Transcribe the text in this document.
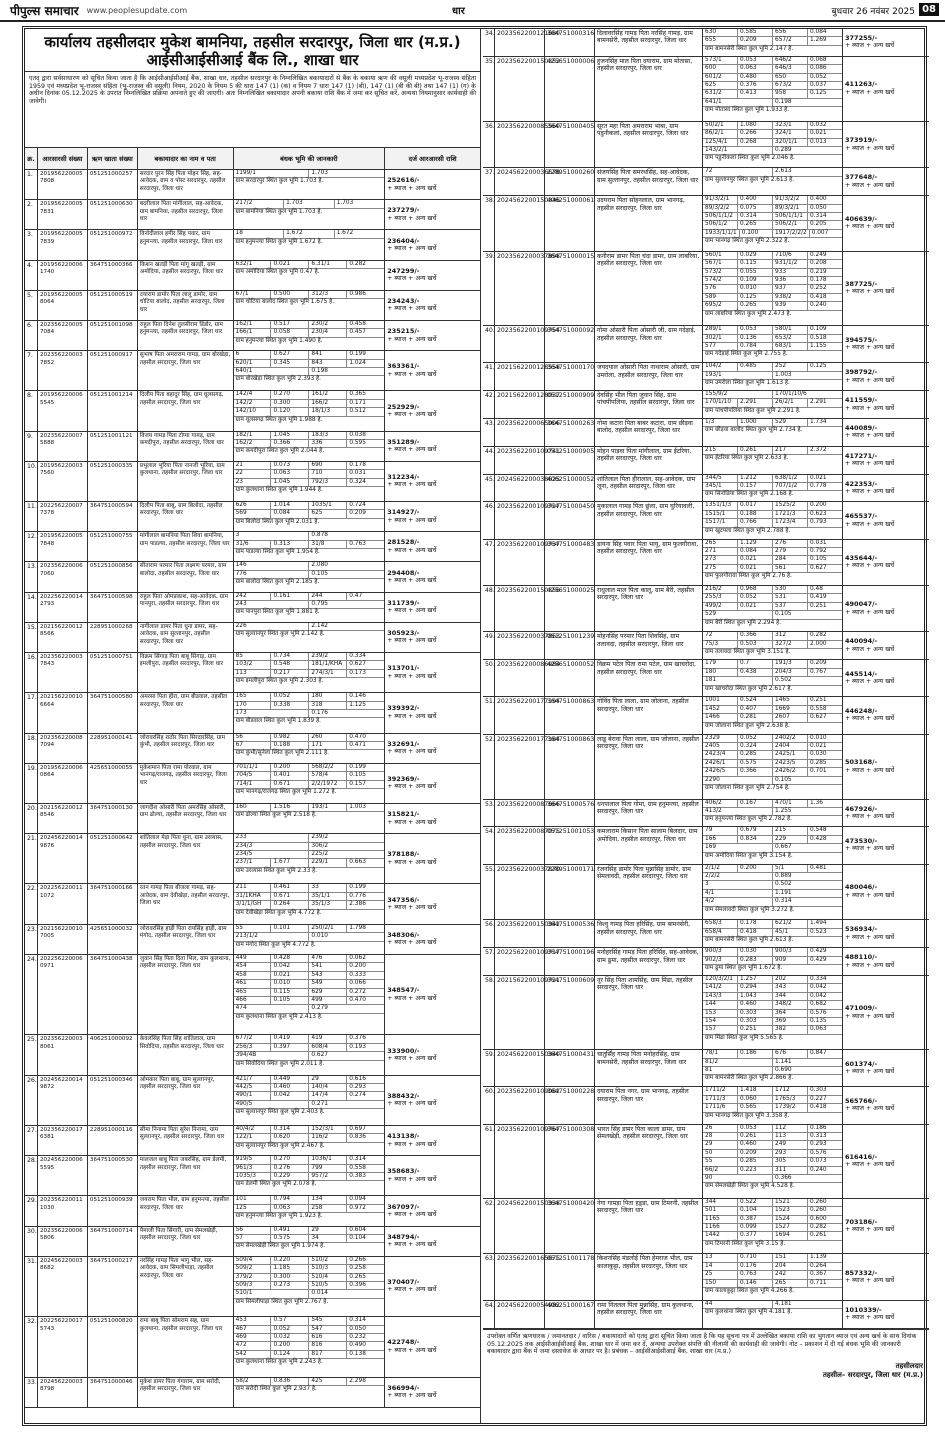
पीपुल्स समाचार www.peoplesupdate.com	धार	बुधवार 26 नवंबर 2025 08
कार्यालय तहसीलदार मुकेश बामनिया, तहसील सरदारपुर, जिला धार (म.प्र.)
आईसीआईसीआई बैंक लि., शाखा धार
एतद् द्वारा सर्वसाधारण को सूचित किया जाता है कि आईसीआईसीआई बैंक, शाखा धार, तहसील सरदारपुर के निम्नलिखित बकायादारों से बैंक के बकाया ऋण की वसूली मध्यप्रदेश भू-राजस्व संहिता 1959 एवं मध्यप्रदेश भू-राजस्व संहिता (भू-राजस्व की वसूली) नियम, 2020 के नियम 5 की धारा 147 (1) (क) व नियम 7 धारा 147 (1) (बी), 147 (1) (बी की बी) तथा 147 (1) (ग) के अधीन दिनांक 05.12.2025 के उपरांत निम्नलिखित प्रक्रिया अपनाते हुए की जाएगी। अतः निम्नलिखित बकायादार अपनी बकाया राशि बैंक में जमा कर सूचित करें, अन्यथा नियमानुसार कार्यवाही की जावेगी।
क्र.	आरसारसी संख्या	ऋण खाता संख्या	बकायादार का नाम व पता	बंधक भूमि की जानकारी	दर्ज आरआरसी राशि
1.	2019562200057808
051251000257	सरदार पुरन सिंह पिता मोहन सिंह, सह-आवेदक, ग्राम व पोस्ट सरदारपुर, तहसील सरदारपुर, जिला धार
1199/1	1.703
ग्राम सरदारपुर स्थित कुल भूमि 1.703 है.	252616/-
+ ब्याज + अन्य खर्चे
2.	2019562200057831
051251000630	बदरीलाल पिता मांगीलाल, सह-आवेदक, ग्राम बामनिया, तहसील सरदारपुर, जिला धार
217/2	1.703	1.703
ग्राम बामनिया स्थित कुल भूमि 1.703 है.	237279/-
+ ब्याज + अन्य खर्चे
3.	2019562200057839
051251000972	विनोदीलाल हमीर सिंह पवार, ग्राम हनुमन्त्या, तहसील सरदारपुर, जिला धार
18	1.672	1.672
ग्राम हनुमन्त्या स्थित कुल भूमि 1.672 है.	236404/-
+ ब्याज + अन्य खर्चे
4.	2019562200061740
364751000366	किशन खतड़ी पिता मांगू खतड़ी, ग्राम अमोदिया, तहसील सरदारपुर, जिला धार
632/1	0.021	6.31/1	0.282
ग्राम अमोदिया स्थित कुल भूमि 0.47 है.	247299/-
+ ब्याज + अन्य खर्चे
5.	2019562200058064
051251000519	दयाराम डामोर पिता लालू डामोर, ग्राम चोटिया बालोद, तहसील सरदारपुर, जिला धार
67/1	0.500	312/3	0.986
ग्राम चोटिया बालोद स्थित कुल भूमि 1.675 है.	234243/-
+ ब्याज + अन्य खर्चे
6.	2023562200057084
051251001098	राहुल पिता दिनेश तुलसीराम डिंडोर, ग्राम हनुमन्त्या, तहसील सरदारपुर, जिला धार
162/1	0.517	230/2	0.458
166/1	0.058	230/4	0.457
ग्राम हनुमन्त्या स्थित कुल भूमि 1.490 है.
235215/-
+ ब्याज + अन्य खर्चे
7.	2023562200037852
051251000917	सुभाष पिता अमराराम गामड़, ग्राम बोरखेड़ा, तहसील सरदारपुर, जिला धार
6	0.627	841	0.199
620/1	0.345	843	1.024
640/1	0.198
ग्राम बोरखेड़ा स्थित कुल भूमि 2.393 है.
363361/-
+ ब्याज + अन्य खर्चे
8.	2019562200065545
051251001214	दिलीप पिता बहादुर सिंह, ग्राम धूलसगढ़, तहसील सरदारपुर, जिला धार
142/4	0.270	161/2	0.365
142/2	0.300	166/2	0.171
142/10	0.120	18/1/3	0.512
ग्राम धूलसगढ़ स्थित कुल भूमि 1.988 है.
252929/-
+ ब्याज + अन्य खर्चे
9.	2023562200075888
051251001121	विजय गामड़ पिता टोप्या गामड़, ग्राम कमदीपुरा, तहसील सरदारपुर, जिला धार
182/1	1.045	183/3	0.038
162/2	0.366	336	0.595
ग्राम कमदीपुरा स्थित कुल भूमि 2.044 है.
351289/-
+ ब्याज + अन्य खर्चे
10. 2019562200037560
051251000335	प्रभुलाल भूरिया पिता नानजी भूरिया, ग्राम कुलथाना, तहसील सरदारपुर, जिला धार
21	0.073	690	0.178
22	0.063	710	0.031
23	1.045	792/3	0.324
ग्राम कुलथाना स्थित कुल भूमि 1.944 है.
312234/-
+ ब्याज + अन्य खर्चे
11. 2022562200077378
364751000594	दिलीप पिता बाबू, ग्राम बिलोदा, तहसील सरदारपुर, जिला धार
626	1.014	1035/1	0.724
569	0.084	625	0.209
ग्राम बिलोदा स्थित कुल भूमि 2.031 है.
314927/-
+ ब्याज + अन्य खर्चे
12. 2019562200057848
051251000755	मांगीलाल बामनिया पिता शिवा बामनिया, ग्राम पाडल्या, तहसील सरदारपुर, जिला धार
3	0.878
31/6	0.313	31/8	0.763
ग्राम पाडल्या स्थित कुल भूमि 1.954 है.
281528/-
+ ब्याज + अन्य खर्चे
13. 2023562200067060
051251000856	सीताराम परमार पिता लक्ष्मण परमार, ग्राम बालोदा, तहसील सरदारपुर, जिला धार
146	2.080
776	0.105
ग्राम बालोदा स्थित कुल भूमि 2.185 है.
294408/-
+ ब्याज + अन्य खर्चे
14. 2022562200142793
364751000598	राहुल पिता ओमप्रकाश, सह-आवेदक, ग्राम पानपुरा, तहसील सरदारपुर, जिला धार
242	0.161	244	0.47
243	0.795
ग्राम पानपुरा स्थित कुल भूमि 1.881 है.
311739/-
+ ब्याज + अन्य खर्चे
15. 2021562200128566
228951000268	नागीलाल डामर पिता धुना डामर, सह-आवेदक, ग्राम सुल्तानपुर, तहसील सरदारपुर, जिला धार
226	2.142
ग्राम सुल्तानपुर स्थित कुल भूमि 2.142 है.	305923/-
+ ब्याज + अन्य खर्चे
16. 2023562200037843
051251000751	विक्रम सिंगाड़ पिता बाबू सिंगाड़, ग्राम इमलीपुरा, तहसील सरदारपुर, जिला धार
85	0.734	239/2	0.334
103/2	0.548	181/1/KHA	0.627
113	0.217	274/3/1	0.173
ग्राम इमलीपुरा स्थित कुल भूमि 2.303 है.
313701/-
+ ब्याज + अन्य खर्चे
17. 2021562200106664
364751000580	अमरसा पिता हीरा, ग्राम बीडवाल, तहसील सरदारपुर, जिला धार
165	0.052	180	0.146
170	0.338	318	1.125
173	0.176
ग्राम बीडवाल स्थित कुल भूमि 1.839 है.
339392/-
+ ब्याज + अन्य खर्चे
18. 2023562200087094
228951000141	जोरावरसिंह राठौर पिता सिरदारसिंह, ग्राम कुंभी, तहसील सरदारपुर, जिला धार
56	0.982	260	0.470
67	0.188	171	0.471
ग्राम कुंभी/सुनेला स्थित कुल भूमि 2.111 है.
332691/-
+ ब्याज + अन्य खर्चे
19. 2019562200060864
425651000055	मुकेशमान पिता रामा पोरवाल, ग्राम भानगढ़/राजगढ़, तहसील सरदारपुर, जिला धार
701/1/1	0.200	568/2/2	0.199
704/5	0.401	578/4	0.105
714/1	0.671	2/2/1972	0.157
ग्राम भानगढ़/राजगढ़ स्थित कुल भूमि 1.272 है.
392369/-
+ ब्याज + अन्य खर्चे
20. 2021562200128546
364751000130	जागदीश ओसारी पिता अमरसिंह ओसारी, ग्राम ढोल्या, तहसील सरदारपुर, जिला धार
160	1.516	193/1	1.003
ग्राम ढोल्या स्थित कुल भूमि 2.518 है.	315821/-
+ ब्याज + अन्य खर्चे
21. 2024562200149876
051251000642	शांतिलाल मेड़ा पिता धुना, ग्राम उरव्यास, तहसील सरदारपुर, जिला धार
233	239/2
234/3	306/2
234/5	225/2
237/1	1.677	229/1	0.663
ग्राम उरव्यास स्थित कुल भूमि 2.33 है.
378188/-
+ ब्याज + अन्य खर्चे
22. 2022562200111072
364751000166	रतन गामड़ पिता बीजला गामड़, सह-आवेदक, ग्राम देवीखेड़ा, तहसील सरदारपुर, जिला धार
211	0.461	33	0.199
31/1KHA	0.671	35/1/1	0.776
3/1/1/GH	0.264	35/1/3	2.386
ग्राम देवीखेड़ा स्थित कुल भूमि 4.772 है.
347356/-
+ ब्याज + अन्य खर्चे
23. 2021562200107005
425651000032	जोरावरसिंह हाड़ी पिता रायसिंह हाड़ी, ग्राम मंगोद, तहसील सरदारपुर, जिला धार
55	0.101	250/2/1	1.798
213/1/2	0.010
ग्राम मंगोद स्थित कुल भूमि 4.772 है.
348306/-
+ ब्याज + अन्य खर्चे
24. 2022562200060971
364751000438	जुवान सिंह पिता दिता भिल, ग्राम कुलथाना, तहसील सरदारपुर, जिला धार
449	0.428	476	0.062
454	0.042	541	0.200
458	0.021	543	0.333
461	0.010	549	0.066
465	0.115	629	0.272
466	0.105	499	0.470
474	0.279
ग्राम कुलथाना स्थित कुल भूमि 2.413 है.
348547/-
+ ब्याज + अन्य खर्चे
25. 2023562200038061
406251000092	केवलसिंह पिता सिंह शांतिलाल, ग्राम सिवोदिया, तहसील सरदारपुर, जिला धार
677/2	0.419	419	0.376
256/3	0.397	608/4	0.193
394/4B	0.627
ग्राम सिवोदिया स्थित कुल भूमि 2.011 है.
333900/-
+ ब्याज + अन्य खर्चे
26. 2024562200149872
051251000346	ओमकार पिता बाबू, ग्राम सुल्तानपुर, तहसील सरदारपुर, जिला धार
421/7	0.449	29	0.616
442/5	0.460	140/4	0.293
490/1	0.042	147/4	0.274
490/5	0.271
ग्राम सुल्तानपुर स्थित कुल भूमि 2.403 है.
388432/-
+ ब्याज + अन्य खर्चे
27. 2023562200176381
228951000116	सीमा निनामा पिता सुरेश निनामा, ग्राम सुल्तानपुर, तहसील सरदारपुर, जिला धार
40/4/2	0.314	152/3/1	0.697
122/1	0.620	116/2	0.836
ग्राम सुल्तानपुर स्थित कुल भूमि 2.467 है.
413138/-
+ ब्याज + अन्य खर्चे
28. 2024562200065595
364751000530	मालजल बाबू पिता जबरसिंह, ग्राम डेलमी, तहसील सरदारपुर, जिला धार
919/5	0.270	1036/1	0.314
961/3	0.276	799	0.558
1035/3	0.229	957/2	0.383
ग्राम डेलमी स्थित कुल भूमि 2.078 है.
358683/-
+ ब्याज + अन्य खर्चे
29. 2023562200111030
051251000939	जयराम पिता भील, ग्राम हनुमन्त्या, तहसील सरदारपुर, जिला धार
101	0.794	134	0.094
125	0.063	258	0.972
ग्राम हनुमन्त्या स्थित कुल भूमि 1.923 है.
367097/-
+ ब्याज + अन्य खर्चे
30. 2023562200065806
364751000714	पैमाजी पिता सिंगारी, ग्राम सेमलखेड़ी, तहसील सरदारपुर, जिला धार
56	0.491	29	0.604
57	0.575	34	0.104
ग्राम सेमलखेड़ी स्थित कुल भूमि 1.974 है.
348794/-
+ ब्याज + अन्य खर्चे
31. 2024562200038682
364751000217	नरसिंह गामड़ पिता भागु भील, सह-आवेदक, ग्राम सिमलीपाड़ा, तहसील सरदारपुर, जिला धार
509/4	0.220	510/2	0.266
509/2	1.185	510/3	0.258
379/2	0.300	510/4	0.265
509/3	0.273	510/5	0.396
510/1	0.014
ग्राम सिमलीपाड़ा स्थित कुल भूमि 2.767 है.
370407/-
+ ब्याज + अन्य खर्चे
32. 2022562200175743
051251000820	रामा बाबू पिता सोमराम सह, ग्राम कुलथाना, तहसील सरदारपुर, जिला धार
453	0.57	545	0.314
467	0.052	547	0.050
469	0.032	616	0.232
472	0.200	816	0.490
542	0.124	817	0.138
ग्राम कुलथाना स्थित कुल भूमि 2.243 है.
422748/-
+ ब्याज + अन्य खर्चे
33. 2024562200038798
364751000046	मुकेश डामर पिता गंगाराम, ग्राम सरोदी, तहसील सरदारपुर, जिला धार
58/2	0.836	425	2.298
ग्राम सरोदी स्थित कुल भूमि 2.937 है.	366994/-
+ ब्याज + अन्य खर्चे
34. 2023562200121680
364751000316 दिलावरसिंह गामड़ पिता नरसिंह गामड़, ग्राम बामनसेरी, तहसील सरदारपुर, जिला धार
630	0.585	656	0.084
655	0.209	657/2	1.269
ग्राम बामनसेरी स्थित कुल भूमि 2.147 है.
377255/-
+ ब्याज + अन्य खर्चे
35. 2023562200150352
425651000006 हुजनसिंह माल पिता दयाराम, ग्राम मोतासा, तहसील सरदारपुर, जिला धार
573/1	0.053	646/2	0.068
600	0.063	646/3	0.086
601/2	0.480	650	0.052
625	0.376	673/2	0.037
631/2	0.413	958	0.125
641/1	0.198
ग्राम मोतासा स्थित कुल भूमि 1.933 है.
411263/-
+ ब्याज + अन्य खर्चे
36. 2023562200085560
364751000405 सूरत महा पिता अमराराम भाबा, ग्राम पडुनीकलां, तहसील सरदारपुर, जिला धार
50/2/1	1.080	323/1	0.032
86/2/1	0.266	324/1	0.021
125/4/1	0.268	320/1/1	0.013
143/2/1	0.289
ग्राम पडुनीकलां स्थित कुल भूमि 2.046 है.
373919/-
+ ब्याज + अन्य खर्चे
37. 2024562200036678
228951000260 संजयसिंह पिता समरथसिंह, सह-आवेदक, ग्राम सुल्तानपुर, तहसील सरदारपुर, जिला धार
72	2.613
ग्राम सुल्तानपुर स्थित कुल भूमि 2.613 है.	377648/-
+ ब्याज + अन्य खर्चे
38. 2024562200150346
406251000061 उदयराम पिता सोहनलाल, ग्राम भानगढ़, तहसील सरदारपुर, जिला धार
91/3/2/1	0.400	91/3/2/2	0.400
89/3/2/2	0.075	89/3/2/1	0.050
506/1/1/2	0.314	506/1/1/1	0.314
506/1/2	0.265	506/2/1	0.205
1933/1/1/1 0.100	1917/2/2/2 0.007
ग्राम भानगढ़ स्थित कुल भूमि 2.322 है.
406639/-
+ ब्याज + अन्य खर्चे
39. 2023562200037898
364751000015 कनीराम डामर पिता चंदा डामर, ग्राम लाबरिया, तहसील सरदारपुर, जिला धार
560/1	0.029	710/6	0.249
567/1	0.115	931/1/2	0.208
573/2	0.055	933	0.219
574/2	0.109	936	0.178
576	0.010	937	0.252
589	0.125	938/2	0.418
695/2	0.265	939	0.240
ग्राम लाबरिया स्थित कुल भूमि 2.473 है.
387725/-
+ ब्याज + अन्य खर्चे
40. 2023562200109754
364751000092 गोमा ओसारी पिता ओसारी जी, ग्राम गदेड़ाई, तहसील सरदारपुर, जिला धार
289/1	0.053	580/1	0.109
302/1	0.136	653/2	0.518
577	0.784	683/1	1.155
ग्राम गदेड़ाई स्थित कुल भूमि 2.755 है.
394575/-
+ ब्याज + अन्य खर्चे
41. 2021562200128558
364751000170 जयदयाल ओसारी पिता नाथाराम ओसारी, ग्राम उमरोला, तहसील सरदारपुर, जिला धार
104/2	0.485	252	0.125
193/1	1.003
ग्राम उमरोला स्थित कुल भूमि 1.613 है.
398792/-
+ ब्याज + अन्य खर्चे
42. 2021562200128037
051251000909 देवसिंह भील पिता जुवान सिंह, ग्राम पांचपीपलिया, तहसील सरदारपुर, जिला धार
155/9/2	170/1/10/6
170/1/10	2.291	26/2/1	2.291
ग्राम पांचपीपलिया स्थित कुल भूमि 2.291 है.
411559/-
+ ब्याज + अन्य खर्चे
43. 2023562200065006
364751000263 गोमा कटारा पिता बाबर कटारा, ग्राम छीड़वा बालोद, तहसील सरदारपुर, जिला धार
1/3	1.000	529	1.734
ग्राम छीड़वा बालोद स्थित कुल भूमि 2.734 है.	440089/-
+ ब्याज + अन्य खर्चे
44. 2023562200109741
051251000905 मोहन पाड़वा पिता मांगीलाल, ग्राम ईंटरिया, तहसील सरदारपुर, जिला धार
215	0.261	217	2.372
ग्राम ईंटरिया स्थित कुल भूमि 2.633 है.	417271/-
+ ब्याज + अन्य खर्चे
45. 2024562200038625
406251000052 शांतिलाल पिता हीरालाल, सह-आवेदक, ग्राम लूना, तहसील सरदारपुर, जिला धार
344/5	1.212	638/1/2	0.021
345/1	0.157	707/1/2	0.778
ग्राम सिनोडिया स्थित कुल भूमि 2.168 है.
422353/-
+ ब्याज + अन्य खर्चे
46. 2023562200109727
364751000450 मुकालाल गामड़ पिता छुंला, ग्राम घुरियावली, तहसील सरदारपुर, जिला धार
1351/1/3	0.017	1525/2	0.200
1515/1	0.188	1721/3	0.623
1517/1	0.766	1723/4	0.793
ग्राम खुटपला स्थित कुल भूमि 2.788 है.
465537/-
+ ब्याज + अन्य खर्चे
47. 2023562200109737
364751000483 डायना सिंह पवार पिता भायु, ग्राम फुलगौरावा, तहसील सरदारपुर, जिला धार
265	1.129	276	0.031
271	0.084	279	0.792
273	0.021	284	0.105
275	0.021	561	0.627
ग्राम फुलगौरावा स्थित कुल भूमि 2.76 है.
435644/-
+ ब्याज + अन्य खर्चे
48. 2023562200150356
425651000025 राधुलाल माल पिता कालू, ग्राम बैरी, तहसील सरदारपुर, जिला धार
216/2	0.968	530	0.48
255/3	0.052	531	0.419
499/2	0.021	537	0.251
529	0.105
ग्राम बैरी स्थित कुल भूमि 2.294 है.
490047/-
+ ब्याज + अन्य खर्चे
49. 2023562200037863
051251001239 मोहनसिंह परमार पिता शिवसिंह, ग्राम तलावदा, तहसील सरदारपुर, जिला धार
72	0.366	312	0.282
75/3	0.503	327/2	2.000
ग्राम तलावदा स्थित कुल भूमि 3.151 है.
440094/-
+ ब्याज + अन्य खर्चे
50. 2023562200086984
425651000052 विक्रम पटेल पिता रामा पटेल, ग्राम खाचरोदा, तहसील सरदारपुर, जिला धार
179	0.7	191/3	0.209
180	0.438	204/3	0.767
181	0.502
ग्राम खाचरोदा स्थित कुल भूमि 2.617 है.
445514/-
+ ब्याज + अन्य खर्चे
51. 2023562200177194
364751000863 गोविंद पिता लाला, ग्राम जोलाना, तहसील सरदारपुर, जिला धार
1001	0.524	1465	0.251
1452	0.407	1669	0.558
1466	0.281	2607	0.627
ग्राम जोलाना स्थित कुल भूमि 2.638 है.
446248/-
+ ब्याज + अन्य खर्चे
52. 2023562200177184
364751000863 लाडू बेरावा पिता लाला, ग्राम जोलाना, तहसील सरदारपुर, जिला धार
2329	0.052	2402/2	0.010
2405	0.324	2404	0.021
2423/4	0.285	2425/1	0.030
2426/1	0.575	2423/5	0.285
2426/5	0.366	2426/2	0.701
2290	0.105
ग्राम जोलाना स्थित कुल भूमि 2.754 है.
503168/-
+ ब्याज + अन्य खर्चे
53. 2023562200087666
364751000576 धनपालाल पिता गोमा, ग्राम हनुमन्त्या, तहसील सरदारपुर, जिला धार
406/2	0.167	470/1	1.36
413/2	1.255
ग्राम हनुमन्त्या स्थित कुल भूमि 2.782 है.
467926/-
+ ब्याज + अन्य खर्चे
54. 2023562200087075
051251001053 कमलाराम किसान पिता सालाम बिलदार, ग्राम अमोदिया, तहसील सरदारपुर, जिला धार
79	0.679	215	0.548
166	0.834	229	0.428
169	0.667
ग्राम अमोदिया स्थित कुल भूमि 3.154 है.
473530/-
+ ब्याज + अन्य खर्चे
55. 2023562200037870
228951000171 रंजनसिंह डामोर पिता मुन्नासिंह डामोर, ग्राम सेमलावदी, तहसील सरदारपुर, जिला धार
2/1/2	0.200	5/1	0.481
2/2/2	0.889
3	0.502
4/1	1.191
4/2	0.314
ग्राम सेमलावदी स्थित कुल भूमि 3.272 है.
480046/-
+ ब्याज + अन्य खर्चे
56. 2023562200150342
364751000536 विश्वु गामड़ पिता हरिसिंह, ग्राम बामनसेरी, तहसील सरदारपुर, जिला धार
658/3	0.178	621/2	1.494
658/4	0.418	45/1	0.523
ग्राम बामनसेरी स्थित कुल भूमि 2.613 है.
536934/-
+ ब्याज + अन्य खर्चे
57. 2022562200109717
364751000196 मनोहरसिंह गामड़ पिता हरिसिंह, सह-आवेदक, ग्राम ढुमा, तहसील सरदारपुर, जिला धार
900/3	0.030	900/3	0.429
902/3	0.283	909	0.429
ग्राम ढुमा स्थित कुल भूमि 1.672 है.
488110/-
+ ब्याज + अन्य खर्चे
58. 2021562200109721
364751000609 नूर सिंह पिता शामसिंह, ग्राम मिंढा, तहसील सरदारपुर, जिला धार
120/3/2/1	1.257	202	0.334
141/2	0.294	343	0.042
143/3	1.043	344	0.042
144	0.460	348/2	0.682
153	0.303	364	0.576
154	0.303	369	0.135
157	0.251	382	0.063
ग्राम मिंढा स्थित कुल भूमि 5.565 है.
471009/-
+ ब्याज + अन्य खर्चे
59. 2024562200150340
364751000431 चातुर्सिंह गामड़ पिता मनोहरसिंह, ग्राम बामनसेरी, तहसील सरदारपुर, जिला धार
78/1	0.186	676	0.847
81/2	1.141
81	0.690
ग्राम बामनसेरी स्थित कुल भूमि 2.866 है.
601374/-
+ ब्याज + अन्य खर्चे
60. 2023562200109082
364751000228 दयाराम पिता नगर, ग्राम भानगढ़, तहसील सरदारपुर, जिला धार
1711/2	1.418	1712	0.303
1711/3	0.060	1765/3	0.227
1711/6	0.565	1739/2	0.418
ग्राम भानगढ़ स्थित कुल भूमि 3.358 है.
565766/-
+ ब्याज + अन्य खर्चे
61. 2023562200109767
364751000308 भारत सिंह डामर पिता काला डामर, ग्राम सेमलखेड़ी, तहसील सरदारपुर, जिला धार
26	0.053	112	0.186
28	0.261	113	0.313
29	0.460	249	0.293
50	0.209	293	0.576
55	0.285	305	0.073
66/2	0.223	311	0.240
90	0.366
ग्राम सेमलखेड़ी स्थित कुल भूमि 4.528 है.
616416/-
+ ब्याज + अन्य खर्चे
62. 2024562200150338
364751000420 नेगा गामड़ा पिता हड़्डा, ग्राम टिमरनी, तहसील सरदारपुर, जिला धार
344	0.522	1521	0.260
501	0.104	1523	0.260
1165	0.387	1524	0.600
1166	0.099	1527	0.282
1442	0.377	1694	0.261
ग्राम टिमरनी स्थित कुल भूमि 3.15 है.
703186/-
+ ब्याज + अन्य खर्चे
63. 2023562200165675
051251001178 किशनसिंह मंडलोई पिता हेमराज भील, ग्राम कालाकुट्टा, तहसील सरदारपुर, जिला धार
13	0.710	151	1.139
14	0.176	204	0.264
25	0.763	242	0.367
150	0.146	265	0.711
ग्राम कालाकुट्टा स्थित कुल भूमि 4.266 है.
857332/-
+ ब्याज + अन्य खर्चे
64. 2024562200054982
406251000167 रामा नितलल पिता मुन्नासिंह, ग्राम कुलथाना, तहसील सरदारपुर, जिला धार
44	4.181
ग्राम कुलथाना स्थित कुल भूमि 4.181 है.	1010339/-
+ ब्याज + अन्य खर्चे
उपरोक्त वर्णित ऋणधारक / जमानतदार / वारिस / बकायादारों को एतद् द्वारा सूचित किया जाता है कि यह सूचना पत्र में उल्लेखित बकाया राशि का भुगतान ब्याज एवं अन्य खर्च के साथ दिनांक 05.12.2025 तक आईसीआईसीआई बैंक, शाखा धार में जमा कर दें, अन्यथा उपरोक्त संपत्ति की नीलामी की कार्यवाही की जावेगी। नोट – प्रकाशन में दी गई बंधक भूमि की जानकारी बकायादार द्वारा बैंक में जमा दस्तावेज के आधार पर है। प्रबंधक – आईसीआईसीआई बैंक, शाखा धार (म.प्र.)
तहसीलदार
तहसील– सरदारपुर, जिला धार (म.प्र.)
